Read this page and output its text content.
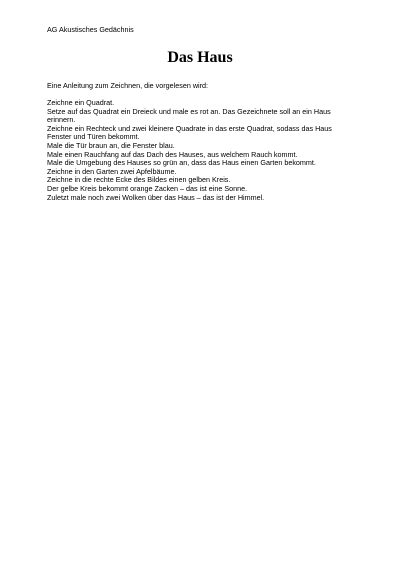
AG Akustisches Gedächnis
Das Haus
Eine Anleitung zum Zeichnen, die vorgelesen wird:
Zeichne ein Quadrat.
Setze auf das Quadrat ein Dreieck und male es rot an. Das Gezeichnete soll an ein Haus
erinnern.
Zeichne ein Rechteck und zwei kleinere Quadrate in das erste Quadrat, sodass das Haus
Fenster und Türen bekommt.
Male die Tür braun an, die Fenster blau.
Male einen Rauchfang auf das Dach des Hauses, aus welchem Rauch kommt.
Male die Umgebung des Hauses so grün an, dass das Haus einen Garten bekommt.
Zeichne in den Garten zwei Apfelbäume.
Zeichne in die rechte Ecke des Bildes einen gelben Kreis.
Der gelbe Kreis bekommt orange Zacken – das ist eine Sonne.
Zuletzt male noch zwei Wolken über das Haus – das ist der Himmel.
